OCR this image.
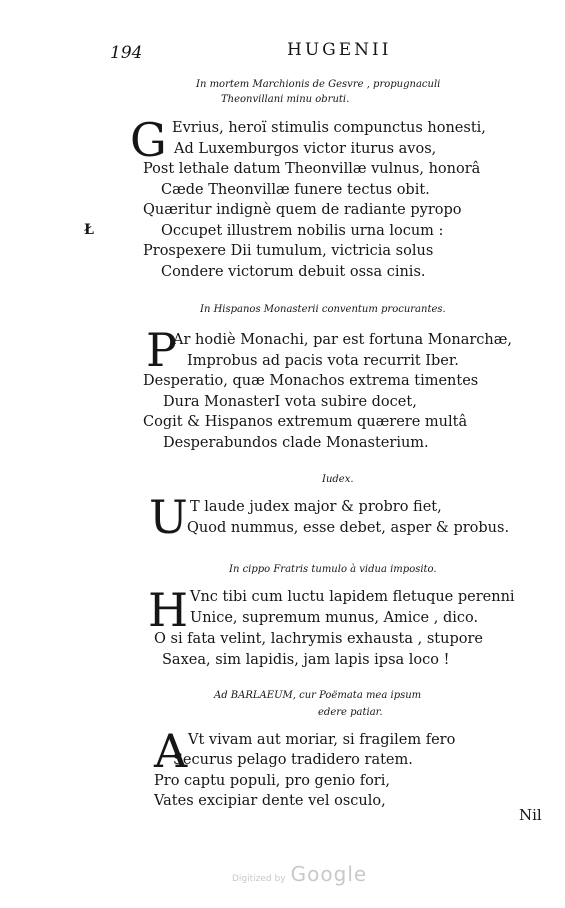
194	HUGENII
In mortem Marchionis de Gesvre , propugnaculi
Theonvillani minu obruti.
G Evrius, heroï stimulis compunctus honesti,
Ad Luxemburgos victor iturus avos,
Post lethale datum Theonvillæ vulnus, honorâ
Cæde Theonvillæ funere tectus obit.
Quæritur indignè quem de radiante pyropo
Occupet illustrem nobilis urna locum :
Prospexere Dii tumulum, victricia solus
Condere victorum debuit ossa cinis.
In Hispanos Monasterii conventum procurantes.
P
Ar hodiè Monachi, par est fortuna Monarchæ,
Improbus ad pacis vota recurrit Iber.
Desperatio, quæ Monachos extrema timentes
Dura MonasterI vota subire docet,
Cogit & Hispanos extremum quærere multâ
Desperabundos clade Monasterium.
Iudex.
U T laude judex major & probro fiet,
Quod nummus, esse debet, asper & probus.
In cippo Fratris tumulo à vidua imposito.
H Vnc tibi cum luctu lapidem fletuque perenni
Unice, supremum munus, Amice , dico.
O si fata velint, lachrymis exhausta , stupore
Saxea, sim lapidis, jam lapis ipsa loco !
Ad BARLAEUM, cur Poëmata mea ipsum
edere patiar.
A Vt vivam aut moriar, si fragilem fero
Securus pelago tradidero ratem.
Pro captu populi, pro genio fori,
Vates excipiar dente vel osculo,
Nil
Ł
Digitized by Google
